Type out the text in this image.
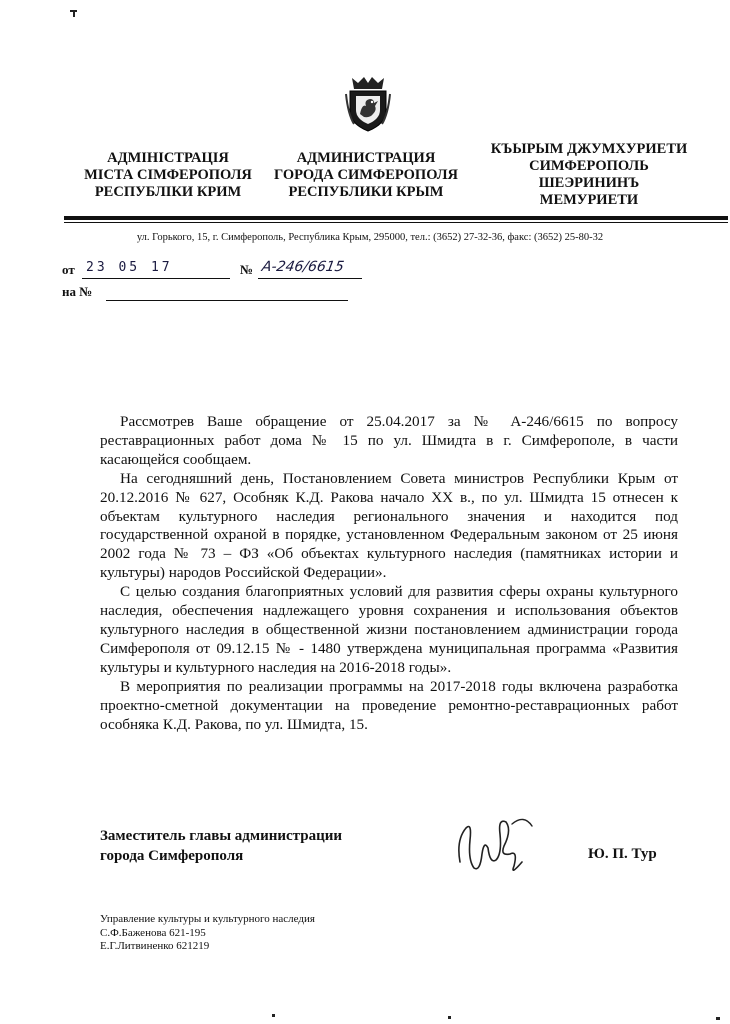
АДМІНІСТРАЦІЯ
МІСТА СІМФЕРОПОЛЯ
РЕСПУБЛІКИ КРИМ
АДМИНИСТРАЦИЯ
ГОРОДА СИМФЕРОПОЛЯ
РЕСПУБЛИКИ КРЫМ
КЪЫРЫМ ДЖУМХУРИЕТИ
СИМФЕРОПОЛЬ
ШЕЭРИНИНЪ
МЕМУРИЕТИ
ул. Горького, 15, г. Симферополь, Республика Крым, 295000, тел.: (3652) 27-32-36, факс: (3652) 25-80-32
от 23 05 17	№ А-246/6615
на №

Рассмотрев Ваше обращение от 25.04.2017 за № А-246/6615 по вопросу реставрационных работ дома № 15 по ул. Шмидта в г. Симферополе, в части касающейся сообщаем.

На сегодняшний день, Постановлением Совета министров Республики Крым от 20.12.2016 № 627, Особняк К.Д. Ракова начало XX в., по ул. Шмидта 15 отнесен к объектам культурного наследия регионального значения и находится под государственной охраной в порядке, установленном Федеральным законом от 25 июня 2002 года № 73 – ФЗ «Об объектах культурного наследия (памятниках истории и культуры) народов Российской Федерации».

С целью создания благоприятных условий для развития сферы охраны культурного наследия, обеспечения надлежащего уровня сохранения и использования объектов культурного наследия в общественной жизни постановлением администрации города Симферополя от 09.12.15 № - 1480 утверждена муниципальная программа «Развития культуры и культурного наследия на 2016-2018 годы».

В мероприятия по реализации программы на 2017-2018 годы включена разработка проектно-сметной документации на проведение ремонтно-реставрационных работ особняка К.Д. Ракова, по ул. Шмидта, 15.

Заместитель главы администрации
города Симферополя	Ю. П. Тур
Управление культуры и культурного наследия
С.Ф.Баженова 621-195
Е.Г.Литвиненко 621219
